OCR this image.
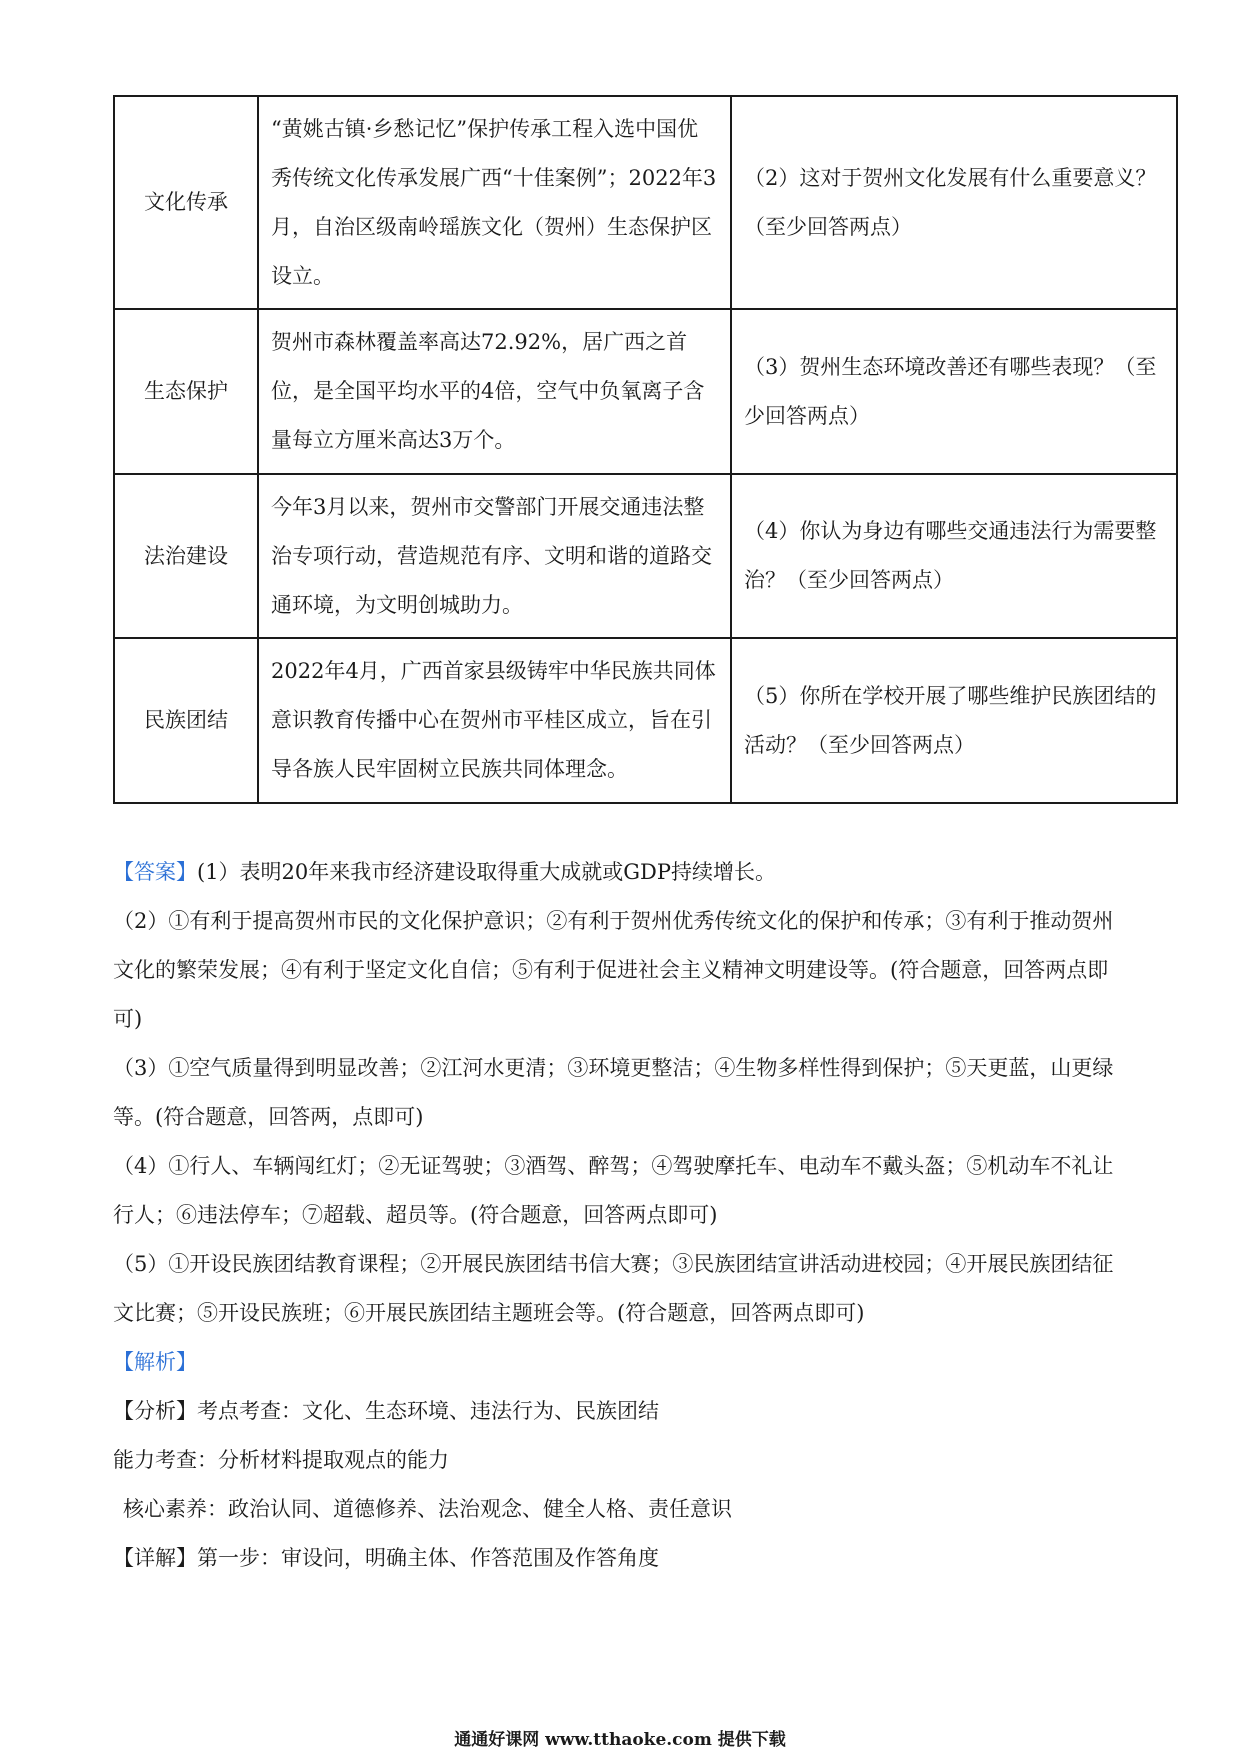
文化传承	“黄姚古镇·乡愁记忆”保护传承工程入选中国优秀传统文化传承发展广西“十佳案例”；2022年3月，自治区级南岭瑶族文化（贺州）生态保护区设立。	（2）这对于贺州文化发展有什么重要意义？（至少回答两点）
生态保护	贺州市森林覆盖率高达72.92%，居广西之首位，是全国平均水平的4倍，空气中负氧离子含量每立方厘米高达3万个。	（3）贺州生态环境改善还有哪些表现？（至少回答两点）
法治建设	今年3月以来，贺州市交警部门开展交通违法整治专项行动，营造规范有序、文明和谐的道路交通环境，为文明创城助力。	（4）你认为身边有哪些交通违法行为需要整治？（至少回答两点）
民族团结	2022年4月，广西首家县级铸牢中华民族共同体意识教育传播中心在贺州市平桂区成立，旨在引导各族人民牢固树立民族共同体理念。	（5）你所在学校开展了哪些维护民族团结的活动？（至少回答两点）

【答案】(1）表明20年来我市经济建设取得重大成就或GDP持续增长。

（2）①有利于提高贺州市民的文化保护意识；②有利于贺州优秀传统文化的保护和传承；③有利于推动贺州文化的繁荣发展；④有利于坚定文化自信；⑤有利于促进社会主义精神文明建设等。(符合题意，回答两点即可)

（3）①空气质量得到明显改善；②江河水更清；③环境更整洁；④生物多样性得到保护；⑤天更蓝，山更绿等。(符合题意，回答两，点即可)

（4）①行人、车辆闯红灯；②无证驾驶；③酒驾、醉驾；④驾驶摩托车、电动车不戴头盔；⑤机动车不礼让行人；⑥违法停车；⑦超载、超员等。(符合题意，回答两点即可)

（5）①开设民族团结教育课程；②开展民族团结书信大赛；③民族团结宣讲活动进校园；④开展民族团结征文比赛；⑤开设民族班；⑥开展民族团结主题班会等。(符合题意，回答两点即可)

【解析】

【分析】考点考查：文化、生态环境、违法行为、民族团结

能力考查：分析材料提取观点的能力

核心素养：政治认同、道德修养、法治观念、健全人格、责任意识

【详解】第一步：审设问，明确主体、作答范围及作答角度

通通好课网 www.tthaoke.com 提供下载
